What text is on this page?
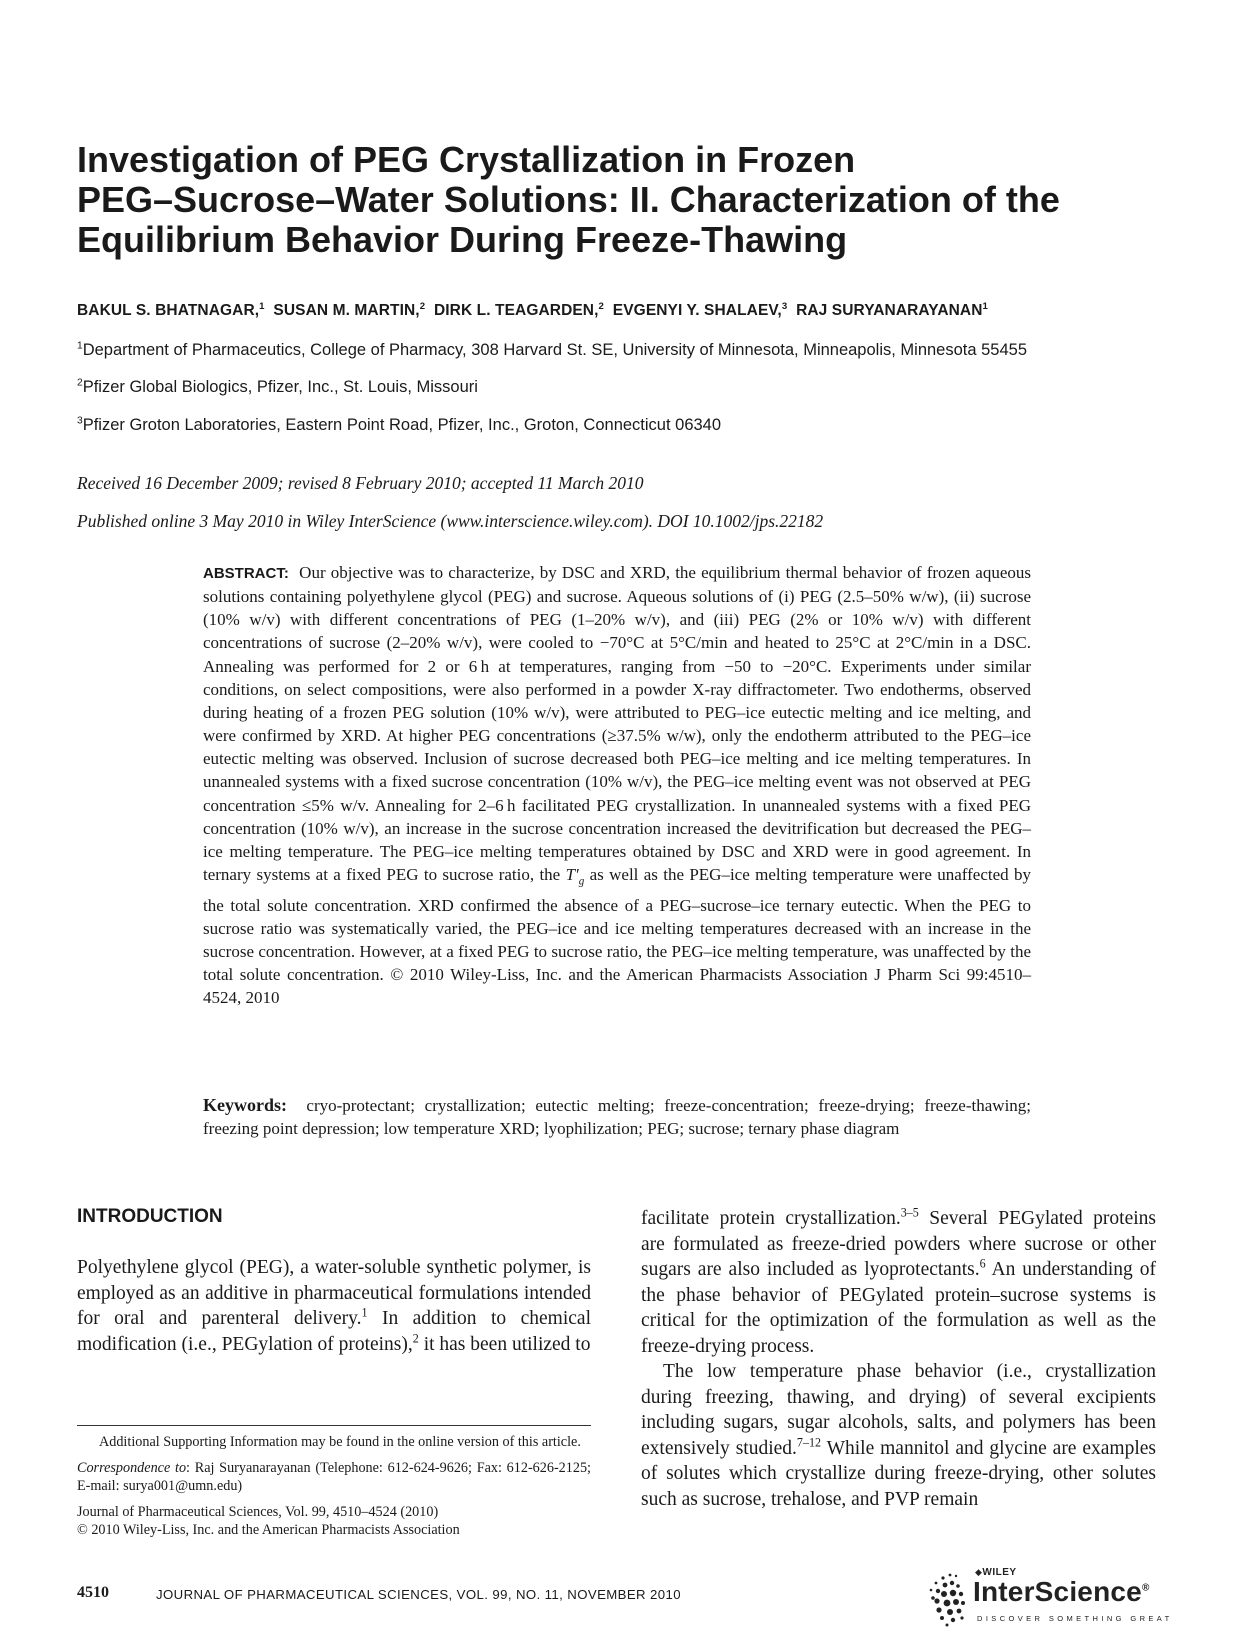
Investigation of PEG Crystallization in Frozen
PEG–Sucrose–Water Solutions: II. Characterization of the
Equilibrium Behavior During Freeze-Thawing
BAKUL S. BHATNAGAR,$^1$ SUSAN M. MARTIN,$^2$ DIRK L. TEAGARDEN,$^2$ EVGENYI Y. SHALAEV,$^3$ RAJ SURYANARAYANAN$^1$
$^1$Department of Pharmaceutics, College of Pharmacy, 308 Harvard St. SE, University of Minnesota, Minneapolis, Minnesota 55455
$^2$Pfizer Global Biologics, Pfizer, Inc., St. Louis, Missouri
$^3$Pfizer Groton Laboratories, Eastern Point Road, Pfizer, Inc., Groton, Connecticut 06340
Received 16 December 2009; revised 8 February 2010; accepted 11 March 2010
Published online 3 May 2010 in Wiley InterScience (www.interscience.wiley.com). DOI 10.1002/jps.22182
ABSTRACT: Our objective was to characterize, by DSC and XRD, the equilibrium thermal behavior of frozen aqueous solutions containing polyethylene glycol (PEG) and sucrose. Aqueous solutions of (i) PEG (2.5–50% w/w), (ii) sucrose (10% w/v) with different concentrations of PEG (1–20% w/v), and (iii) PEG (2% or 10% w/v) with different concentrations of sucrose (2–20% w/v), were cooled to −70°C at 5°C/min and heated to 25°C at 2°C/min in a DSC. Annealing was performed for 2 or 6 h at temperatures, ranging from −50 to −20°C. Experiments under similar conditions, on select compositions, were also performed in a powder X-ray diffractometer. Two endotherms, observed during heating of a frozen PEG solution (10% w/v), were attributed to PEG–ice eutectic melting and ice melting, and were confirmed by XRD. At higher PEG concentrations (≥37.5% w/w), only the endotherm attributed to the PEG–ice eutectic melting was observed. Inclusion of sucrose decreased both PEG–ice melting and ice melting temperatures. In unannealed systems with a fixed sucrose concentration (10% w/v), the PEG–ice melting event was not observed at PEG concentration ≤5% w/v. Annealing for 2–6 h facilitated PEG crystallization. In unannealed systems with a fixed PEG concentration (10% w/v), an increase in the sucrose concentration increased the devitrification but decreased the PEG–ice melting temperature. The PEG–ice melting temperatures obtained by DSC and XRD were in good agreement. In ternary systems at a fixed PEG to sucrose ratio, the $T'_g$ as well as the PEG–ice melting temperature were unaffected by the total solute concentration. XRD confirmed the absence of a PEG–sucrose–ice ternary eutectic. When the PEG to sucrose ratio was systematically varied, the PEG–ice and ice melting temperatures decreased with an increase in the sucrose concentration. However, at a fixed PEG to sucrose ratio, the PEG–ice melting temperature, was unaffected by the total solute concentration. © 2010 Wiley-Liss, Inc. and the American Pharmacists Association J Pharm Sci 99:4510–4524, 2010
Keywords: cryo-protectant; crystallization; eutectic melting; freeze-concentration; freeze-drying; freeze-thawing; freezing point depression; low temperature XRD; lyophilization; PEG; sucrose; ternary phase diagram
INTRODUCTION

Polyethylene glycol (PEG), a water-soluble synthetic polymer, is employed as an additive in pharmaceutical formulations intended for oral and parenteral delivery.$^1$ In addition to chemical modification (i.e., PEGylation of proteins),$^2$ it has been utilized to

facilitate protein crystallization.$^{3-5}$ Several PEGylated proteins are formulated as freeze-dried powders where sucrose or other sugars are also included as lyoprotectants.$^6$ An understanding of the phase behavior of PEGylated protein–sucrose systems is critical for the optimization of the formulation as well as the freeze-drying process.

The low temperature phase behavior (i.e., crystallization during freezing, thawing, and drying) of several excipients including sugars, sugar alcohols, salts, and polymers has been extensively studied.$^{7-12}$ While mannitol and glycine are examples of solutes which crystallize during freeze-drying, other solutes such as sucrose, trehalose, and PVP remain

Additional Supporting Information may be found in the online version of this article.

Correspondence to: Raj Suryanarayanan (Telephone: 612-624-9626; Fax: 612-626-2125; E-mail: surya001@umn.edu)

Journal of Pharmaceutical Sciences, Vol. 99, 4510–4524 (2010)
© 2010 Wiley-Liss, Inc. and the American Pharmacists Association

4510	JOURNAL OF PHARMACEUTICAL SCIENCES, VOL. 99, NO. 11, NOVEMBER 2010
◆WILEY
InterScience®
DISCOVER SOMETHING GREAT
